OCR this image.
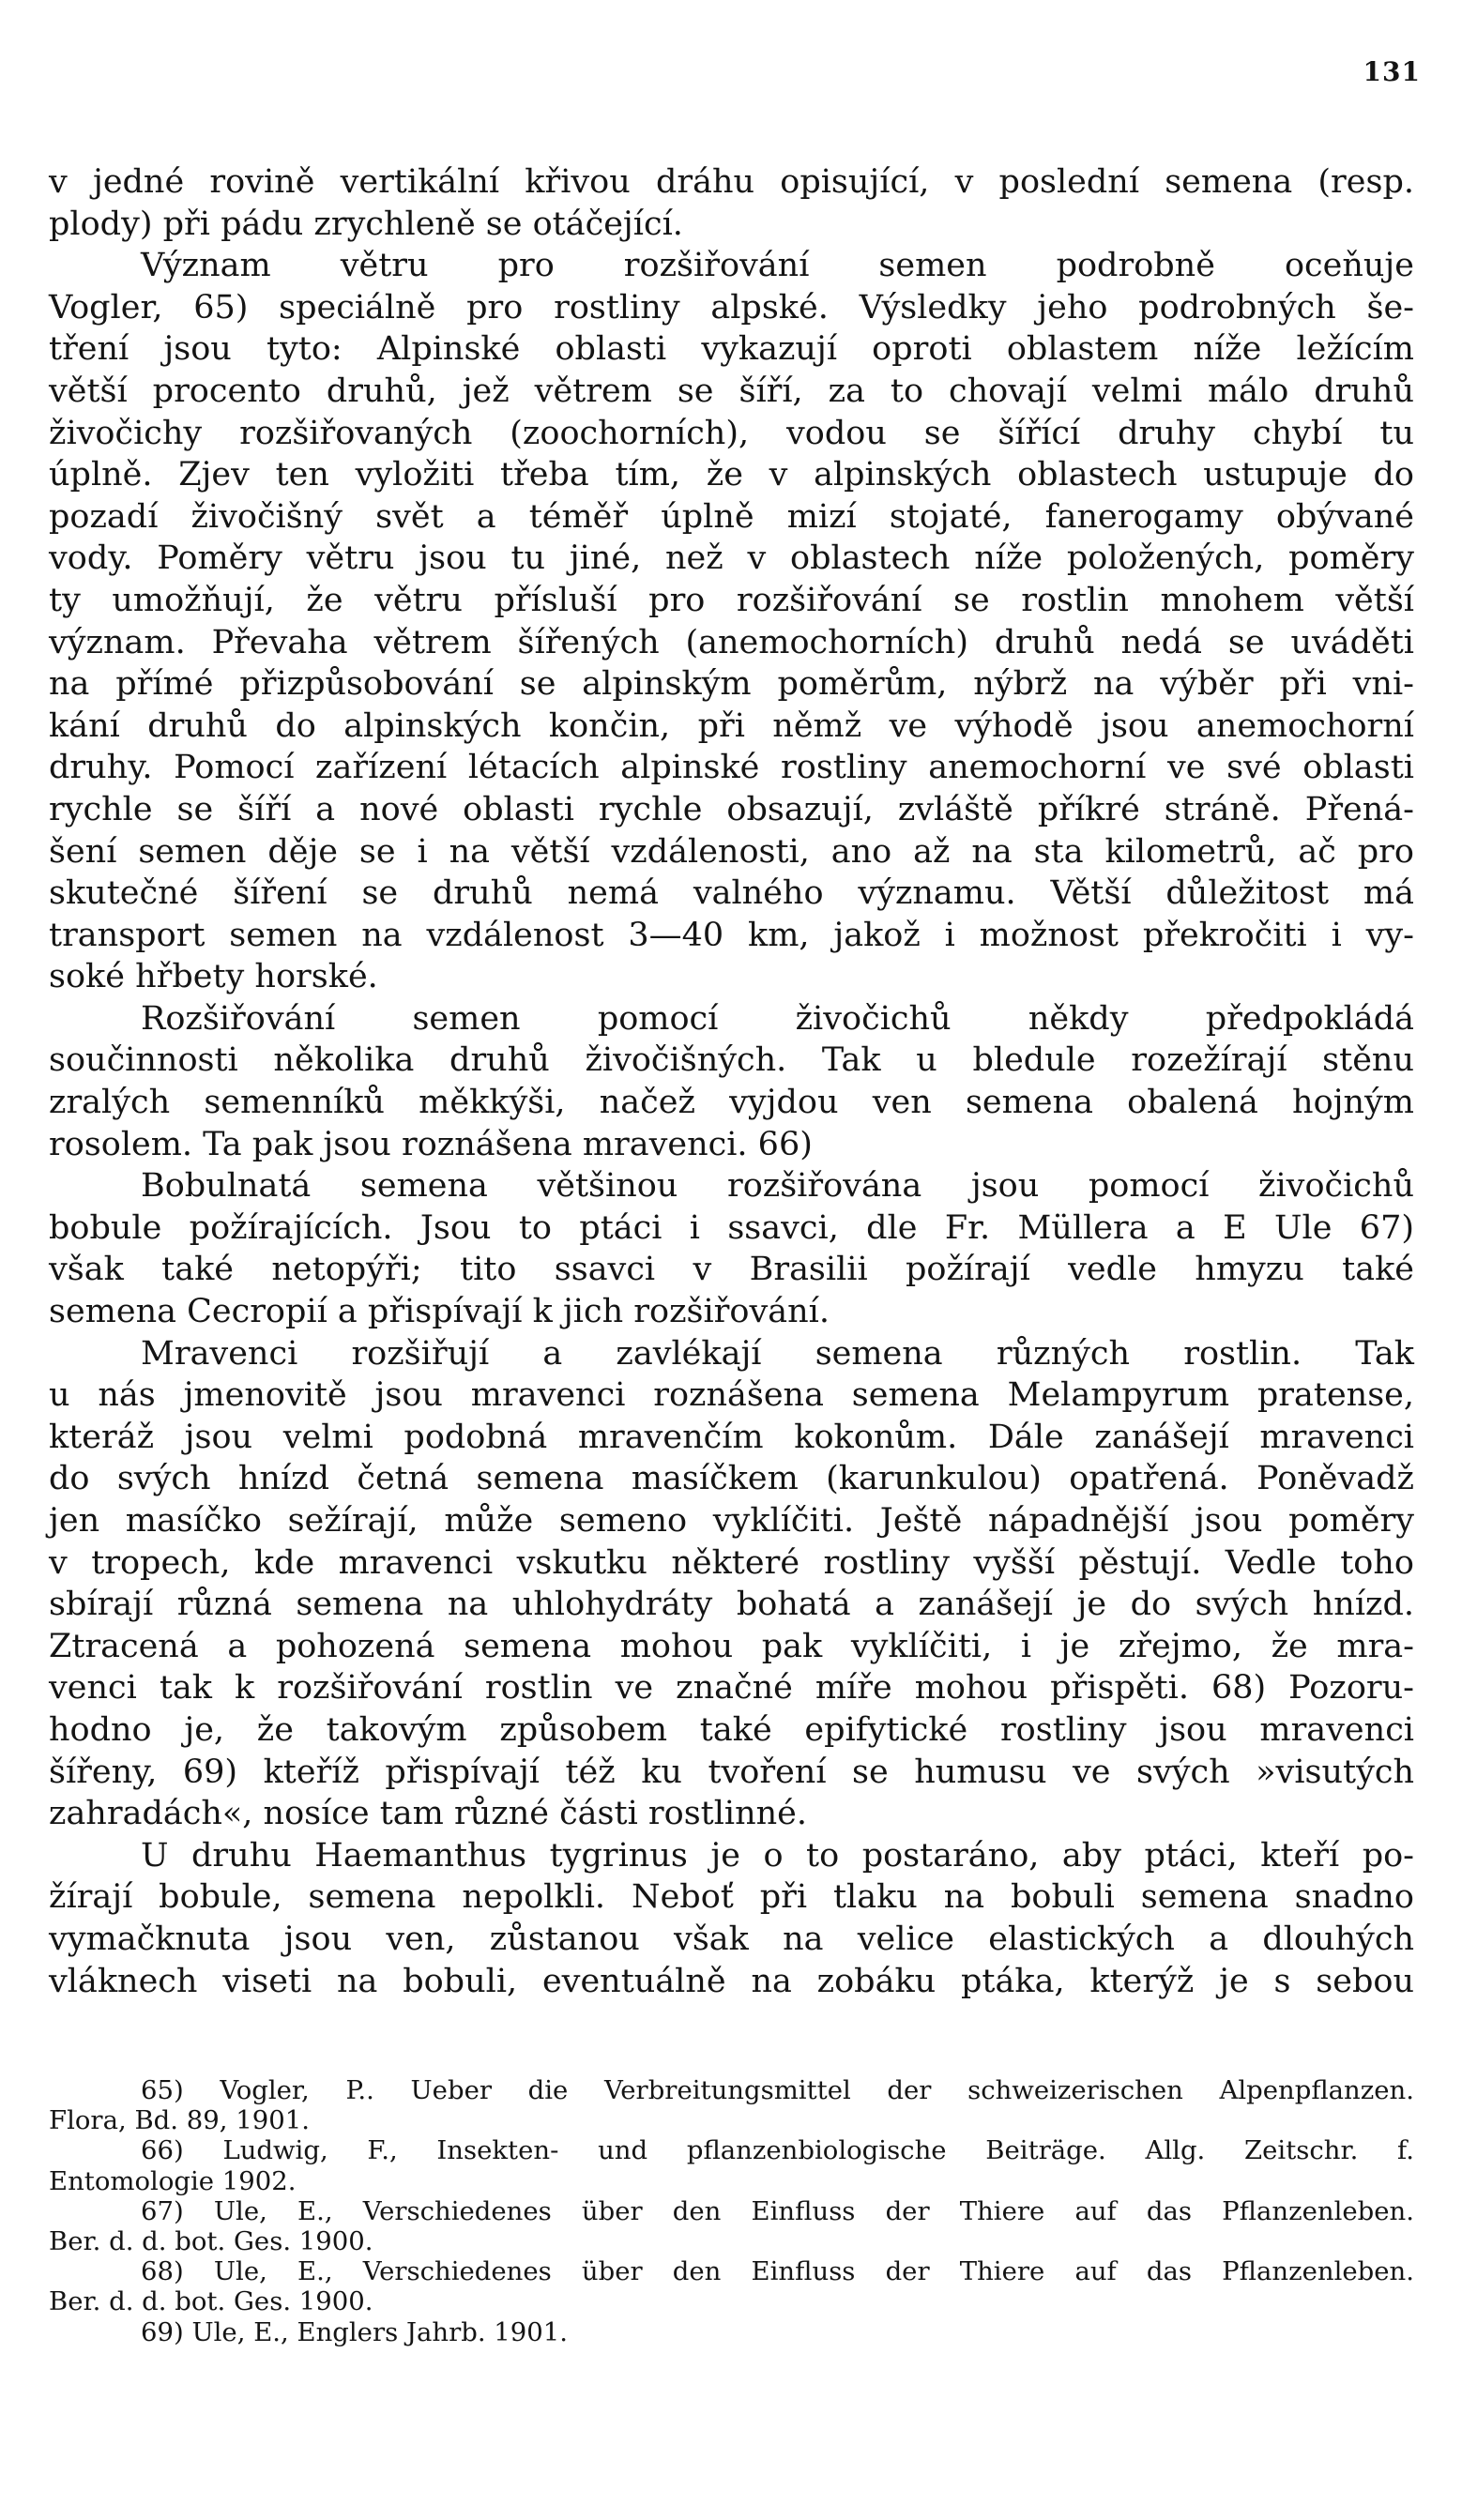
131
v jedné rovině vertikální křivou dráhu opisující, v poslední semena (resp.
plody) při pádu zrychleně se otáčející.
Význam větru pro rozšiřování semen podrobně oceňuje
Vogler, 65) speciálně pro rostliny alpské. Výsledky jeho podrobných še-
tření jsou tyto: Alpinské oblasti vykazují oproti oblastem níže ležícím
větší procento druhů, jež větrem se šíří, za to chovají velmi málo druhů
živočichy rozšiřovaných (zoochorních), vodou se šířící druhy chybí tu
úplně. Zjev ten vyložiti třeba tím, že v alpinských oblastech ustupuje do
pozadí živočišný svět a téměř úplně mizí stojaté, fanerogamy obývané
vody. Poměry větru jsou tu jiné, než v oblastech níže položených, poměry
ty umožňují, že větru přísluší pro rozšiřování se rostlin mnohem větší
význam. Převaha větrem šířených (anemochorních) druhů nedá se uváděti
na přímé přizpůsobování se alpinským poměrům, nýbrž na výběr při vni-
kání druhů do alpinských končin, při němž ve výhodě jsou anemochorní
druhy. Pomocí zařízení létacích alpinské rostliny anemochorní ve své oblasti
rychle se šíří a nové oblasti rychle obsazují, zvláště příkré stráně. Přená-
šení semen děje se i na větší vzdálenosti, ano až na sta kilometrů, ač pro
skutečné šíření se druhů nemá valného významu. Větší důležitost má
transport semen na vzdálenost 3—40 km, jakož i možnost překročiti i vy-
soké hřbety horské.
Rozšiřování semen pomocí živočichů někdy předpokládá
součinnosti několika druhů živočišných. Tak u bledule rozežírají stěnu
zralých semenníků měkkýši, načež vyjdou ven semena obalená hojným
rosolem. Ta pak jsou roznášena mravenci. 66)
Bobulnatá semena většinou rozšiřována jsou pomocí živočichů
bobule požírajících. Jsou to ptáci i ssavci, dle Fr. Müllera a E Ule 67)
však také netopýři; tito ssavci v Brasilii požírají vedle hmyzu také
semena Cecropií a přispívají k jich rozšiřování.
Mravenci rozšiřují a zavlékají semena různých rostlin. Tak
u nás jmenovitě jsou mravenci roznášena semena Melampyrum pratense,
kteráž jsou velmi podobná mravenčím kokonům. Dále zanášejí mravenci
do svých hnízd četná semena masíčkem (karunkulou) opatřená. Poněvadž
jen masíčko sežírají, může semeno vyklíčiti. Ještě nápadnější jsou poměry
v tropech, kde mravenci vskutku některé rostliny vyšší pěstují. Vedle toho
sbírají různá semena na uhlohydráty bohatá a zanášejí je do svých hnízd.
Ztracená a pohozená semena mohou pak vyklíčiti, i je zřejmo, že mra-
venci tak k rozšiřování rostlin ve značné míře mohou přispěti. 68) Pozoru-
hodno je, že takovým způsobem také epifytické rostliny jsou mravenci
šířeny, 69) kteříž přispívají též ku tvoření se humusu ve svých »visutých
zahradách«, nosíce tam různé části rostlinné.
U druhu Haemanthus tygrinus je o to postaráno, aby ptáci, kteří po-
žírají bobule, semena nepolkli. Neboť při tlaku na bobuli semena snadno
vymačknuta jsou ven, zůstanou však na velice elastických a dlouhých
vláknech viseti na bobuli, eventuálně na zobáku ptáka, kterýž je s sebou
65) Vogler, P.. Ueber die Verbreitungsmittel der schweizerischen Alpenpflanzen.
Flora, Bd. 89, 1901.
66) Ludwig, F., Insekten- und pflanzenbiologische Beiträge. Allg. Zeitschr. f.
Entomologie 1902.
67) Ule, E., Verschiedenes über den Einfluss der Thiere auf das Pflanzenleben.
Ber. d. d. bot. Ges. 1900.
68) Ule, E., Verschiedenes über den Einfluss der Thiere auf das Pflanzenleben.
Ber. d. d. bot. Ges. 1900.
69) Ule, E., Englers Jahrb. 1901.
